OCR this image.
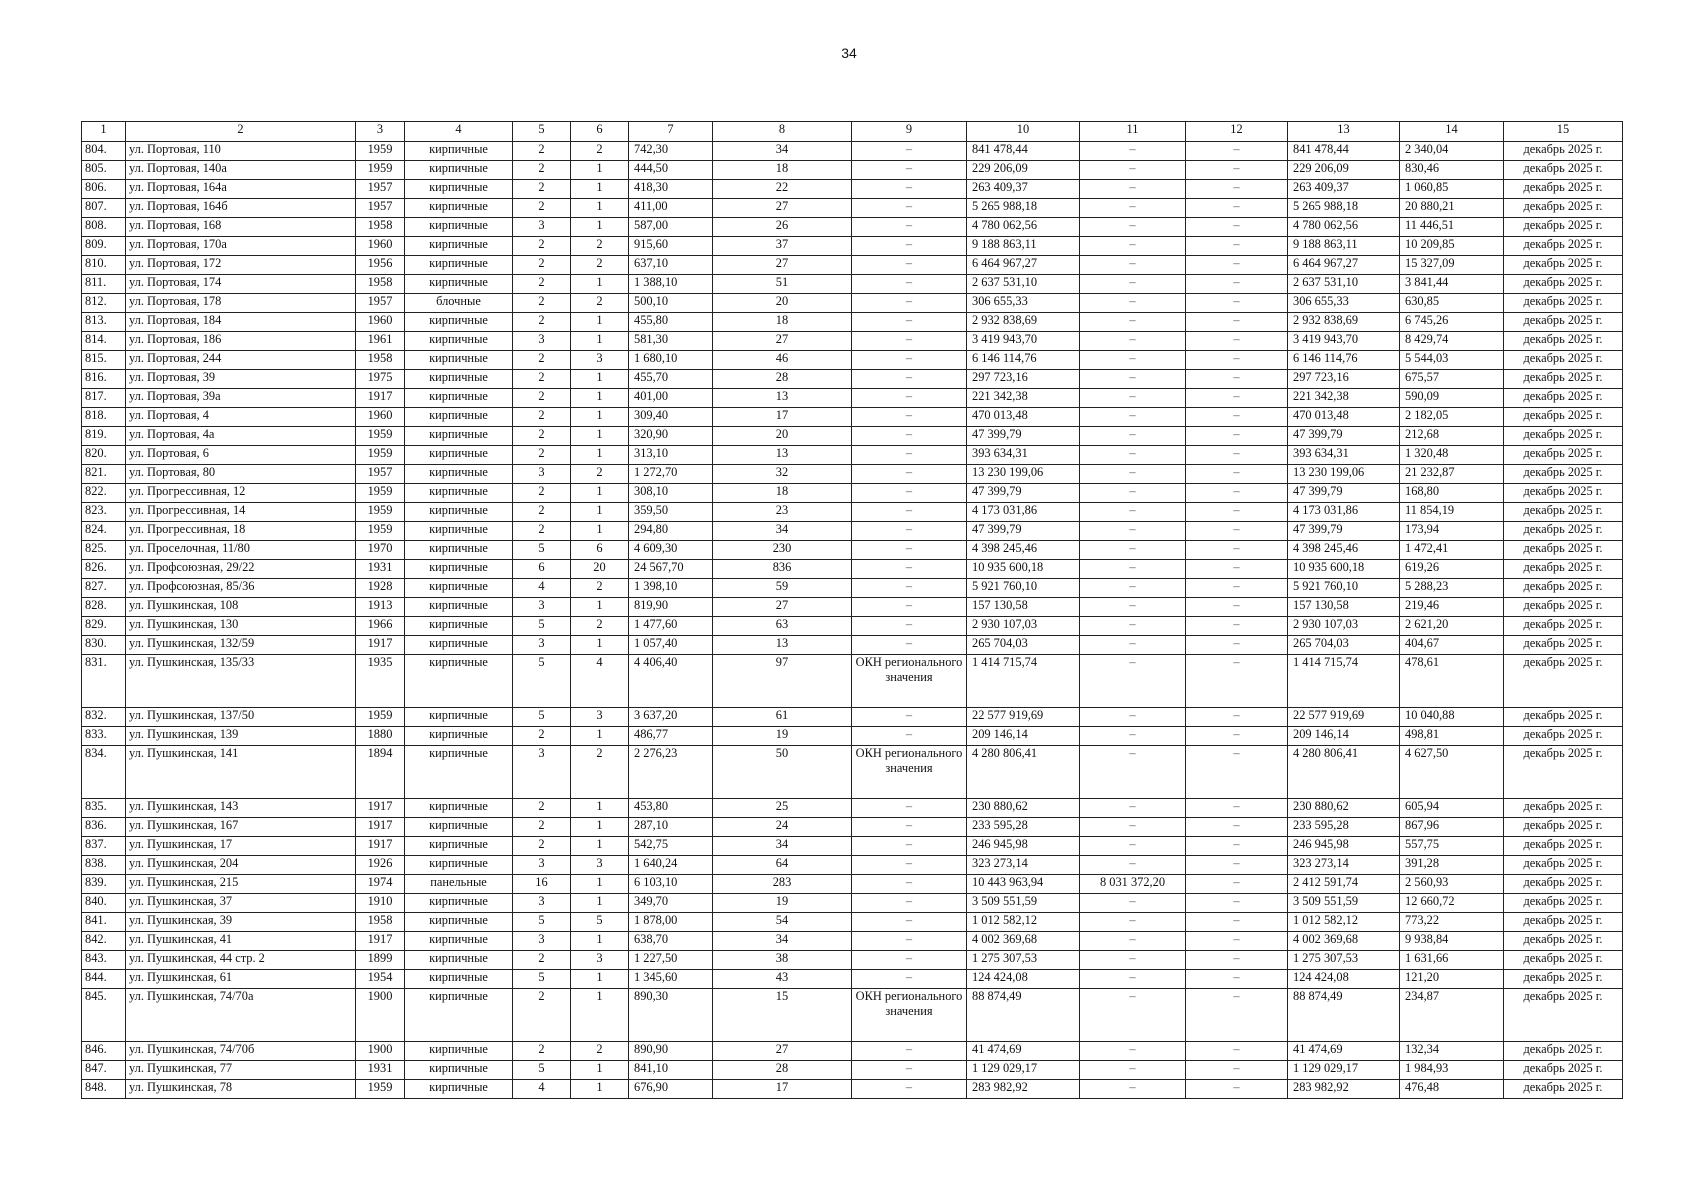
34
1	2	3	4	5	6	7	8	9	10	11	12	13	14	15
804.	ул. Портовая, 110	1959	кирпичные	2	2	742,30	34	–	841 478,44	–	–	841 478,44	2 340,04	декабрь 2025 г.
805.	ул. Портовая, 140а	1959	кирпичные	2	1	444,50	18	–	229 206,09	–	–	229 206,09	830,46	декабрь 2025 г.
806.	ул. Портовая, 164а	1957	кирпичные	2	1	418,30	22	–	263 409,37	–	–	263 409,37	1 060,85	декабрь 2025 г.
807.	ул. Портовая, 164б	1957	кирпичные	2	1	411,00	27	–	5 265 988,18	–	–	5 265 988,18	20 880,21	декабрь 2025 г.
808.	ул. Портовая, 168	1958	кирпичные	3	1	587,00	26	–	4 780 062,56	–	–	4 780 062,56	11 446,51	декабрь 2025 г.
809.	ул. Портовая, 170а	1960	кирпичные	2	2	915,60	37	–	9 188 863,11	–	–	9 188 863,11	10 209,85	декабрь 2025 г.
810.	ул. Портовая, 172	1956	кирпичные	2	2	637,10	27	–	6 464 967,27	–	–	6 464 967,27	15 327,09	декабрь 2025 г.
811.	ул. Портовая, 174	1958	кирпичные	2	1	1 388,10	51	–	2 637 531,10	–	–	2 637 531,10	3 841,44	декабрь 2025 г.
812.	ул. Портовая, 178	1957	блочные	2	2	500,10	20	–	306 655,33	–	–	306 655,33	630,85	декабрь 2025 г.
813.	ул. Портовая, 184	1960	кирпичные	2	1	455,80	18	–	2 932 838,69	–	–	2 932 838,69	6 745,26	декабрь 2025 г.
814.	ул. Портовая, 186	1961	кирпичные	3	1	581,30	27	–	3 419 943,70	–	–	3 419 943,70	8 429,74	декабрь 2025 г.
815.	ул. Портовая, 244	1958	кирпичные	2	3	1 680,10	46	–	6 146 114,76	–	–	6 146 114,76	5 544,03	декабрь 2025 г.
816.	ул. Портовая, 39	1975	кирпичные	2	1	455,70	28	–	297 723,16	–	–	297 723,16	675,57	декабрь 2025 г.
817.	ул. Портовая, 39а	1917	кирпичные	2	1	401,00	13	–	221 342,38	–	–	221 342,38	590,09	декабрь 2025 г.
818.	ул. Портовая, 4	1960	кирпичные	2	1	309,40	17	–	470 013,48	–	–	470 013,48	2 182,05	декабрь 2025 г.
819.	ул. Портовая, 4а	1959	кирпичные	2	1	320,90	20	–	47 399,79	–	–	47 399,79	212,68	декабрь 2025 г.
820.	ул. Портовая, 6	1959	кирпичные	2	1	313,10	13	–	393 634,31	–	–	393 634,31	1 320,48	декабрь 2025 г.
821.	ул. Портовая, 80	1957	кирпичные	3	2	1 272,70	32	–	13 230 199,06	–	–	13 230 199,06	21 232,87	декабрь 2025 г.
822.	ул. Прогрессивная, 12	1959	кирпичные	2	1	308,10	18	–	47 399,79	–	–	47 399,79	168,80	декабрь 2025 г.
823.	ул. Прогрессивная, 14	1959	кирпичные	2	1	359,50	23	–	4 173 031,86	–	–	4 173 031,86	11 854,19	декабрь 2025 г.
824.	ул. Прогрессивная, 18	1959	кирпичные	2	1	294,80	34	–	47 399,79	–	–	47 399,79	173,94	декабрь 2025 г.
825.	ул. Проселочная, 11/80	1970	кирпичные	5	6	4 609,30	230	–	4 398 245,46	–	–	4 398 245,46	1 472,41	декабрь 2025 г.
826.	ул. Профсоюзная, 29/22	1931	кирпичные	6	20	24 567,70	836	–	10 935 600,18	–	–	10 935 600,18	619,26	декабрь 2025 г.
827.	ул. Профсоюзная, 85/36	1928	кирпичные	4	2	1 398,10	59	–	5 921 760,10	–	–	5 921 760,10	5 288,23	декабрь 2025 г.
828.	ул. Пушкинская, 108	1913	кирпичные	3	1	819,90	27	–	157 130,58	–	–	157 130,58	219,46	декабрь 2025 г.
829.	ул. Пушкинская, 130	1966	кирпичные	5	2	1 477,60	63	–	2 930 107,03	–	–	2 930 107,03	2 621,20	декабрь 2025 г.
830.	ул. Пушкинская, 132/59	1917	кирпичные	3	1	1 057,40	13	–	265 704,03	–	–	265 704,03	404,67	декабрь 2025 г.
831.	ул. Пушкинская, 135/33	1935	кирпичные	5	4	4 406,40	97	ОКН регионального значения	1 414 715,74	–	–	1 414 715,74	478,61	декабрь 2025 г.
832.	ул. Пушкинская, 137/50	1959	кирпичные	5	3	3 637,20	61	–	22 577 919,69	–	–	22 577 919,69	10 040,88	декабрь 2025 г.
833.	ул. Пушкинская, 139	1880	кирпичные	2	1	486,77	19	–	209 146,14	–	–	209 146,14	498,81	декабрь 2025 г.
834.	ул. Пушкинская, 141	1894	кирпичные	3	2	2 276,23	50	ОКН регионального значения	4 280 806,41	–	–	4 280 806,41	4 627,50	декабрь 2025 г.
835.	ул. Пушкинская, 143	1917	кирпичные	2	1	453,80	25	–	230 880,62	–	–	230 880,62	605,94	декабрь 2025 г.
836.	ул. Пушкинская, 167	1917	кирпичные	2	1	287,10	24	–	233 595,28	–	–	233 595,28	867,96	декабрь 2025 г.
837.	ул. Пушкинская, 17	1917	кирпичные	2	1	542,75	34	–	246 945,98	–	–	246 945,98	557,75	декабрь 2025 г.
838.	ул. Пушкинская, 204	1926	кирпичные	3	3	1 640,24	64	–	323 273,14	–	–	323 273,14	391,28	декабрь 2025 г.
839.	ул. Пушкинская, 215	1974	панельные	16	1	6 103,10	283	–	10 443 963,94	8 031 372,20	–	2 412 591,74	2 560,93	декабрь 2025 г.
840.	ул. Пушкинская, 37	1910	кирпичные	3	1	349,70	19	–	3 509 551,59	–	–	3 509 551,59	12 660,72	декабрь 2025 г.
841.	ул. Пушкинская, 39	1958	кирпичные	5	5	1 878,00	54	–	1 012 582,12	–	–	1 012 582,12	773,22	декабрь 2025 г.
842.	ул. Пушкинская, 41	1917	кирпичные	3	1	638,70	34	–	4 002 369,68	–	–	4 002 369,68	9 938,84	декабрь 2025 г.
843.	ул. Пушкинская, 44 стр. 2	1899	кирпичные	2	3	1 227,50	38	–	1 275 307,53	–	–	1 275 307,53	1 631,66	декабрь 2025 г.
844.	ул. Пушкинская, 61	1954	кирпичные	5	1	1 345,60	43	–	124 424,08	–	–	124 424,08	121,20	декабрь 2025 г.
845.	ул. Пушкинская, 74/70а	1900	кирпичные	2	1	890,30	15	ОКН регионального значения	88 874,49	–	–	88 874,49	234,87	декабрь 2025 г.
846.	ул. Пушкинская, 74/70б	1900	кирпичные	2	2	890,90	27	–	41 474,69	–	–	41 474,69	132,34	декабрь 2025 г.
847.	ул. Пушкинская, 77	1931	кирпичные	5	1	841,10	28	–	1 129 029,17	–	–	1 129 029,17	1 984,93	декабрь 2025 г.
848.	ул. Пушкинская, 78	1959	кирпичные	4	1	676,90	17	–	283 982,92	–	–	283 982,92	476,48	декабрь 2025 г.
